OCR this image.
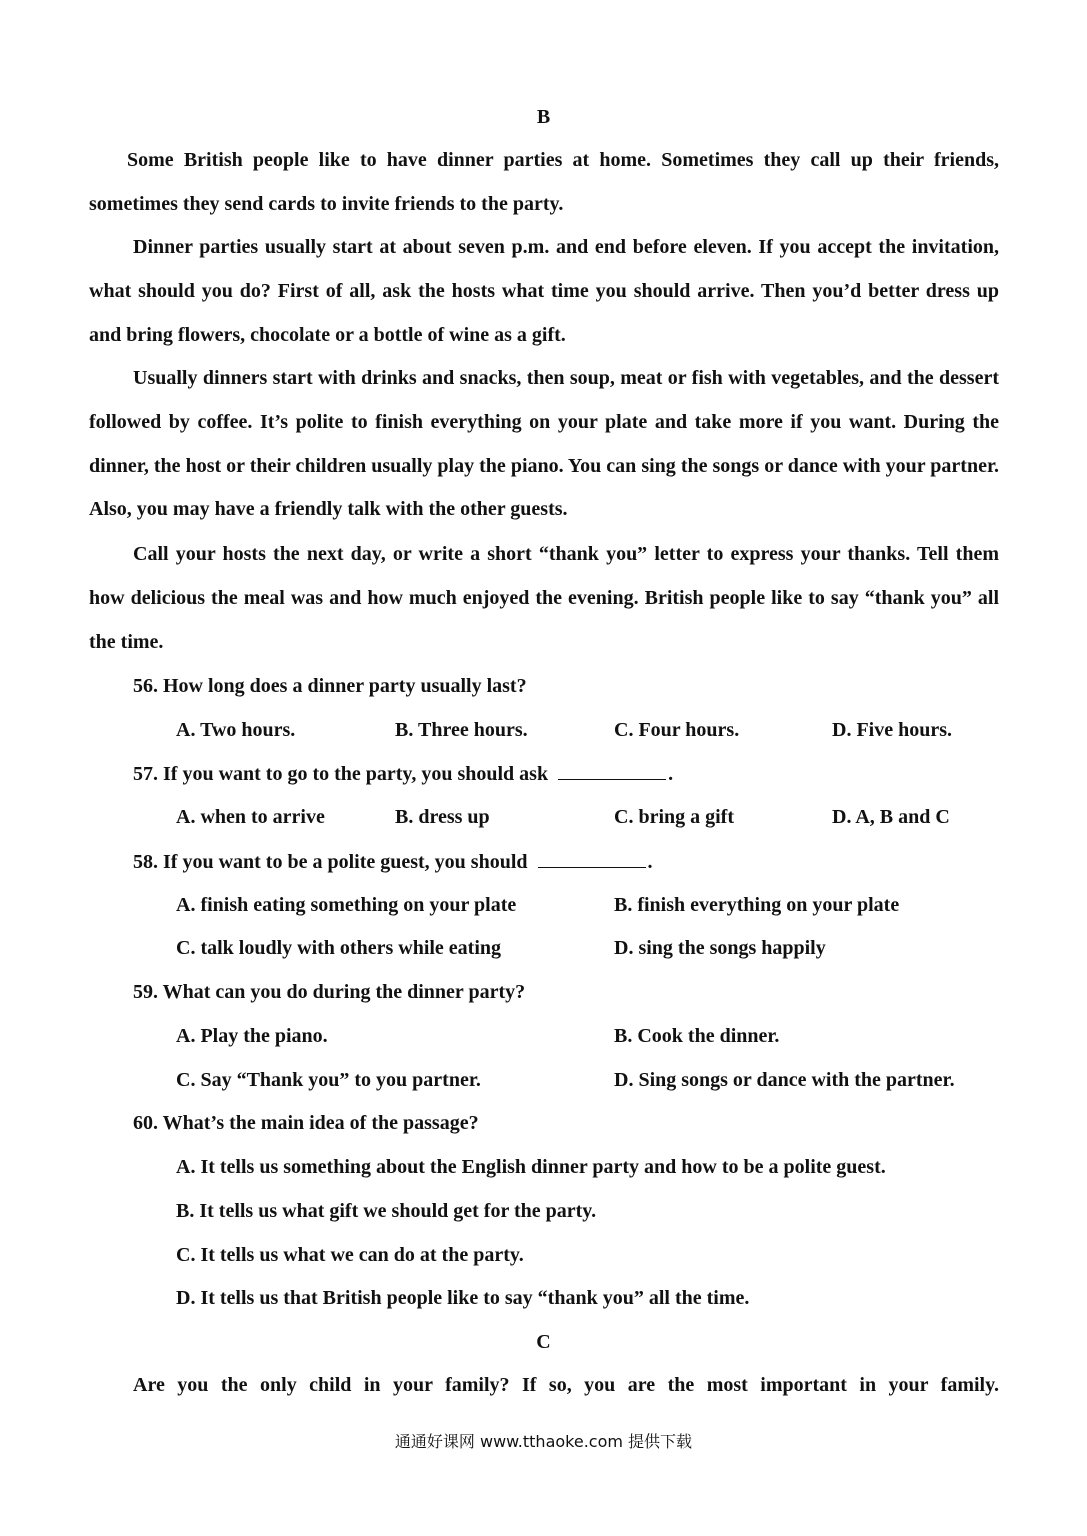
B

Some British people like to have dinner parties at home. Sometimes they call up their friends, sometimes they send cards to invite friends to the party.

Dinner parties usually start at about seven p.m. and end before eleven. If you accept the invitation, what should you do? First of all, ask the hosts what time you should arrive. Then you’d better dress up and bring flowers, chocolate or a bottle of wine as a gift.

Usually dinners start with drinks and snacks, then soup, meat or fish with vegetables, and the dessert followed by coffee. It’s polite to finish everything on your plate and take more if you want. During the dinner, the host or their children usually play the piano. You can sing the songs or dance with your partner. Also, you may have a friendly talk with the other guests.

Call your hosts the next day, or write a short “thank you” letter to express your thanks. Tell them how delicious the meal was and how much enjoyed the evening. British people like to say “thank you” all the time.

56. How long does a dinner party usually last?
A. Two hours.	B. Three hours.	C. Four hours.	D. Five hours.
57. If you want to go to the party, you should ask	.
A. when to arrive	B. dress up	C. bring a gift	D. A, B and C
58. If you want to be a polite guest, you should	.
A. finish eating something on your plate	B. finish everything on your plate
C. talk loudly with others while eating	D. sing the songs happily
59. What can you do during the dinner party?
A. Play the piano.	B. Cook the dinner.
C. Say “Thank you” to you partner.	D. Sing songs or dance with the partner.
60. What’s the main idea of the passage?
A. It tells us something about the English dinner party and how to be a polite guest.
B. It tells us what gift we should get for the party.
C. It tells us what we can do at the party.
D. It tells us that British people like to say “thank you” all the time.
C

Are you the only child in your family? If so, you are the most important in your family.

通通好课网 www.tthaoke.com 提供下载
